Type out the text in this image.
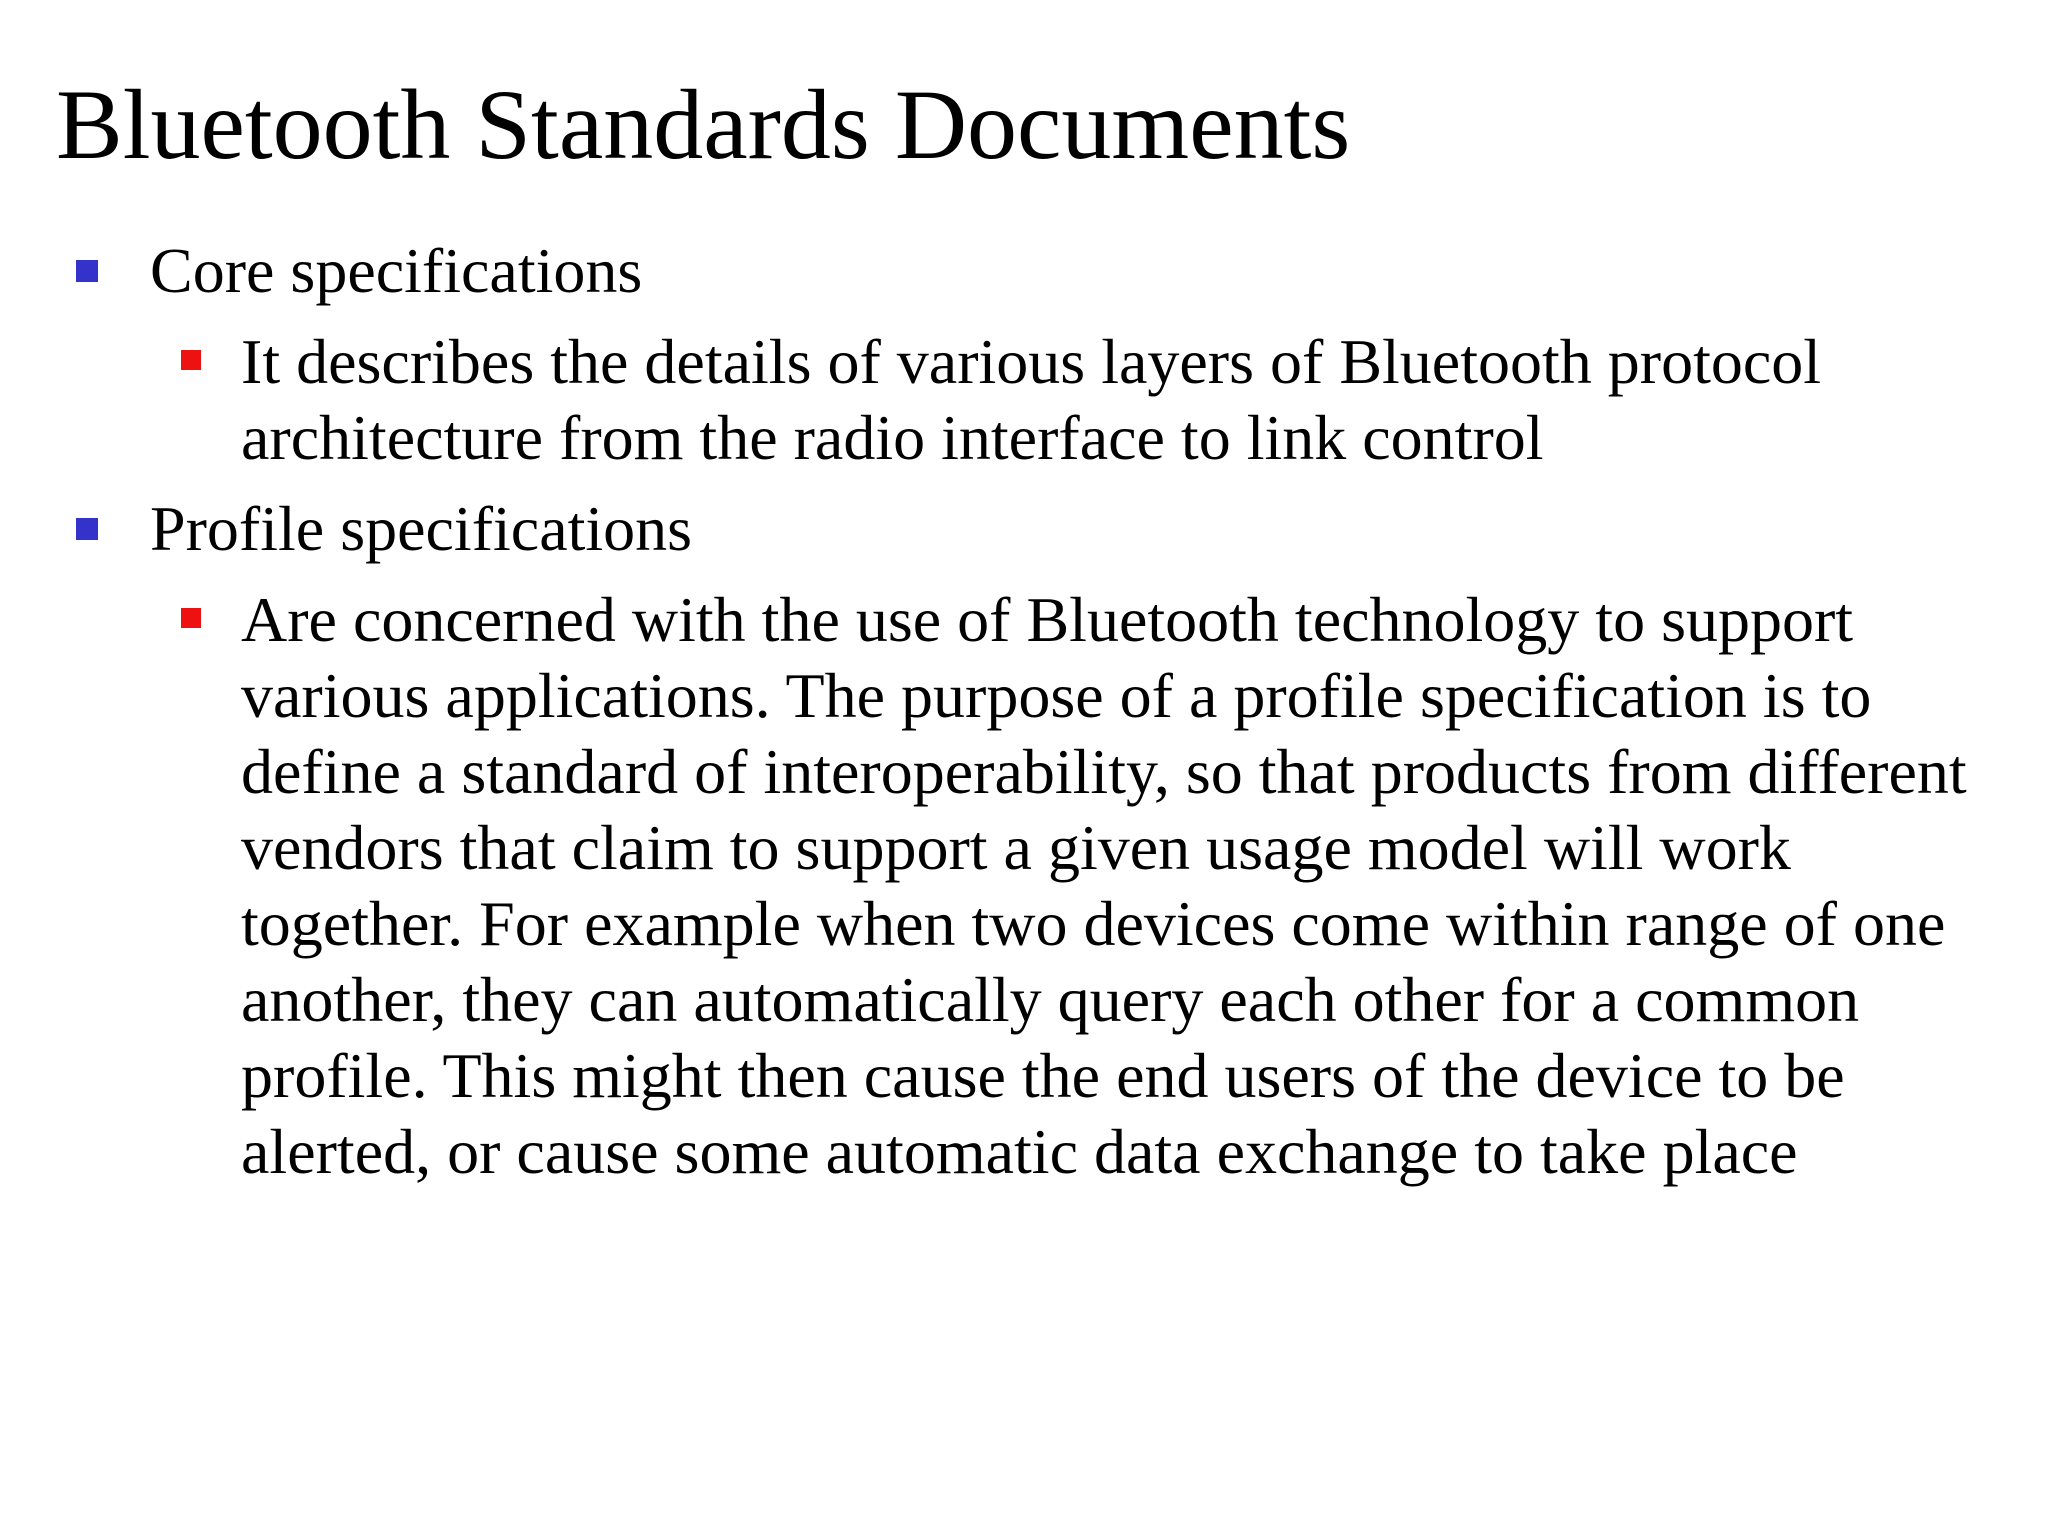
Bluetooth Standards Documents
Core specifications
It describes the details of various layers of Bluetooth protocol architecture from the radio interface to link control
Profile specifications
Are concerned with the use of Bluetooth technology to support various applications. The purpose of a profile specification is to define a standard of interoperability, so that products from different vendors that claim to support a given usage model will work together. For example when two devices come within range of one another, they can automatically query each other for a common profile. This might then cause the end users of the device to be alerted, or cause some automatic data exchange to take place
